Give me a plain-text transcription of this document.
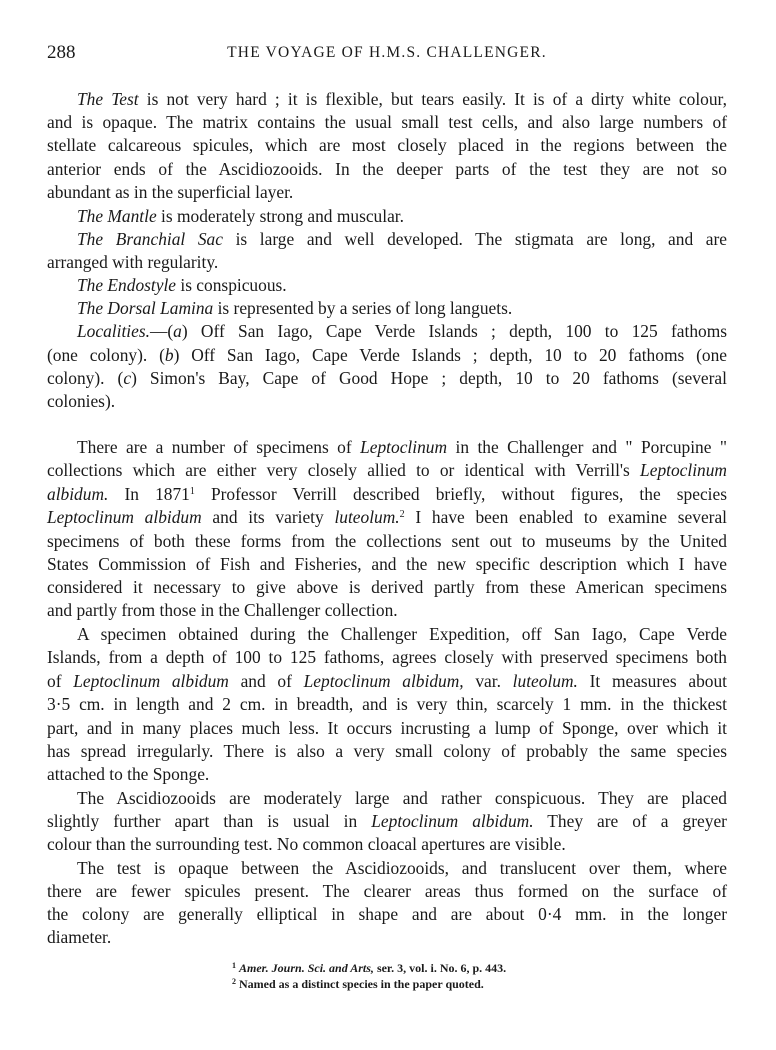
288	THE VOYAGE OF H.M.S. CHALLENGER.
The Test is not very hard ; it is flexible, but tears easily. It is of a dirty white colour,
and is opaque. The matrix contains the usual small test cells, and also large numbers of
stellate calcareous spicules, which are most closely placed in the regions between the
anterior ends of the Ascidiozooids. In the deeper parts of the test they are not so
abundant as in the superficial layer.
The Mantle is moderately strong and muscular.
The Branchial Sac is large and well developed. The stigmata are long, and are
arranged with regularity.
The Endostyle is conspicuous.
The Dorsal Lamina is represented by a series of long languets.
Localities.—(a) Off San Iago, Cape Verde Islands ; depth, 100 to 125 fathoms
(one colony). (b) Off San Iago, Cape Verde Islands ; depth, 10 to 20 fathoms (one
colony). (c) Simon's Bay, Cape of Good Hope ; depth, 10 to 20 fathoms (several
colonies).
There are a number of specimens of Leptoclinum in the Challenger and " Porcupine "
collections which are either very closely allied to or identical with Verrill's Leptoclinum
albidum. In 1871$^1$ Professor Verrill described briefly, without figures, the species
Leptoclinum albidum and its variety luteolum.$^2$ I have been enabled to examine several
specimens of both these forms from the collections sent out to museums by the United
States Commission of Fish and Fisheries, and the new specific description which I have
considered it necessary to give above is derived partly from these American specimens
and partly from those in the Challenger collection.
A specimen obtained during the Challenger Expedition, off San Iago, Cape Verde
Islands, from a depth of 100 to 125 fathoms, agrees closely with preserved specimens both
of Leptoclinum albidum and of Leptoclinum albidum, var. luteolum. It measures about
3·5 cm. in length and 2 cm. in breadth, and is very thin, scarcely 1 mm. in the thickest
part, and in many places much less. It occurs incrusting a lump of Sponge, over which it
has spread irregularly. There is also a very small colony of probably the same species
attached to the Sponge.
The Ascidiozooids are moderately large and rather conspicuous. They are placed
slightly further apart than is usual in Leptoclinum albidum. They are of a greyer
colour than the surrounding test. No common cloacal apertures are visible.
The test is opaque between the Ascidiozooids, and translucent over them, where
there are fewer spicules present. The clearer areas thus formed on the surface of
the colony are generally elliptical in shape and are about 0·4 mm. in the longer
diameter.
$^1$ Amer. Journ. Sci. and Arts, ser. 3, vol. i. No. 6, p. 443.
$^2$ Named as a distinct species in the paper quoted.
